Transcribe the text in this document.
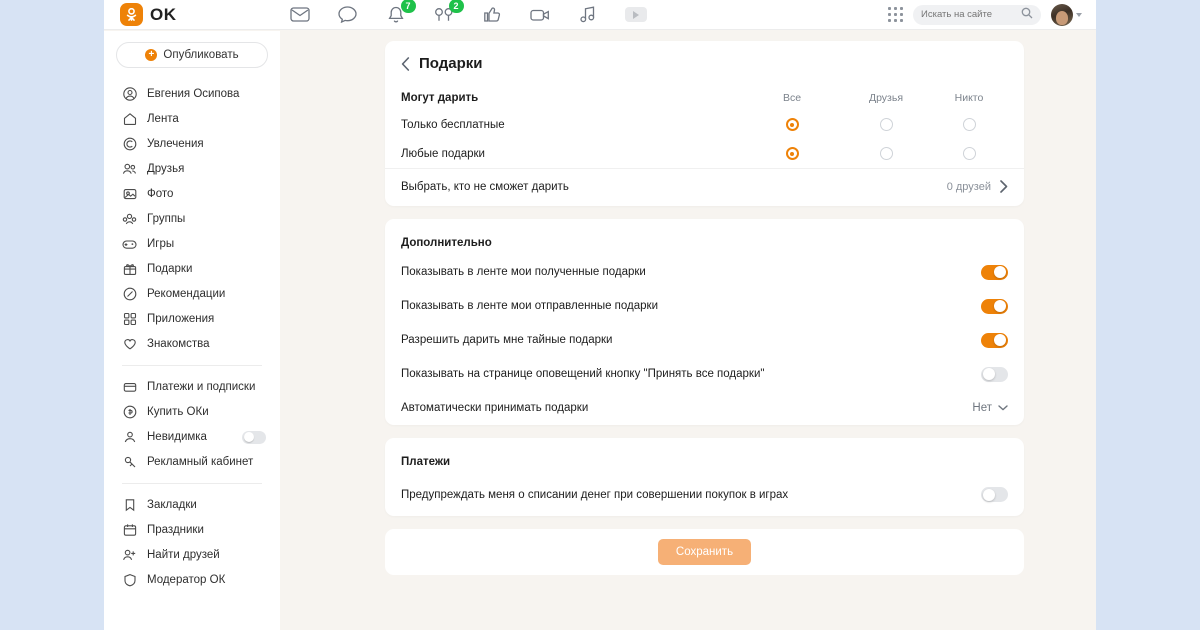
OK	7	2
Искать на сайте
+ Опубликовать
Евгения Осипова
Лента
Увлечения
Друзья
Фото
Группы
Игры
Подарки
Рекомендации
Приложения
Знакомства
Платежи и подписки
Купить ОКи
Невидимка
Рекламный кабинет
Закладки
Праздники
Найти друзей
Модератор ОК
Подарки
Могут дарить	Все	Друзья	Никто
Только бесплатные
Любые подарки
Выбрать, кто не сможет дарить	0 друзей
Дополнительно
Показывать в ленте мои полученные подарки
Показывать в ленте мои отправленные подарки
Разрешить дарить мне тайные подарки
Показывать на странице оповещений кнопку "Принять все подарки"
Автоматически принимать подарки	Нет
Платежи
Предупреждать меня о списании денег при совершении покупок в играх
Сохранить
